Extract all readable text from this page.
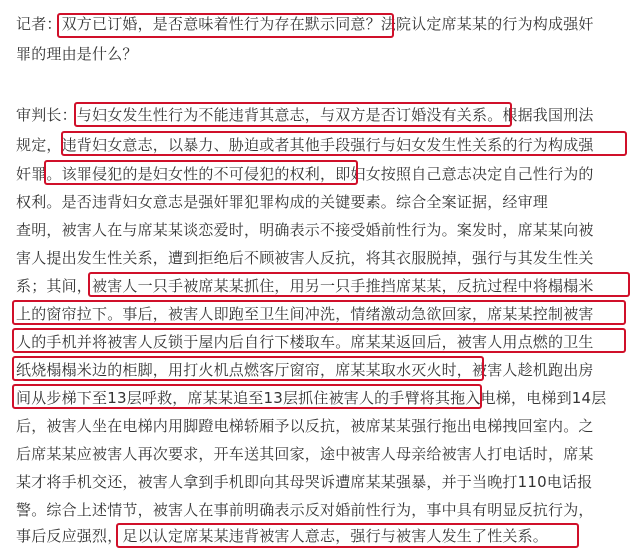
记者：双方已订婚，是否意味着性行为存在默示同意？法院认定席某某的行为构成强奸
罪的理由是什么？
审判长：与妇女发生性行为不能违背其意志，与双方是否订婚没有关系。根据我国刑法
规定，违背妇女意志，以暴力、胁迫或者其他手段强行与妇女发生性关系的行为构成强
奸罪。该罪侵犯的是妇女性的不可侵犯的权利，即妇女按照自己意志决定自己性行为的
权利。是否违背妇女意志是强奸罪犯罪构成的关键要素。综合全案证据，经审理
查明，被害人在与席某某谈恋爱时，明确表示不接受婚前性行为。案发时，席某某向被
害人提出发生性关系，遭到拒绝后不顾被害人反抗，将其衣服脱掉，强行与其发生性关
系；其间，被害人一只手被席某某抓住，用另一只手推挡席某某，反抗过程中将榻榻米
上的窗帘拉下。事后，被害人即跑至卫生间冲洗，情绪激动急欲回家，席某某控制被害
人的手机并将被害人反锁于屋内后自行下楼取车。席某某返回后，被害人用点燃的卫生
纸烧榻榻米边的柜脚，用打火机点燃客厅窗帘，席某某取水灭火时，被害人趁机跑出房
间从步梯下至13层呼救，席某某追至13层抓住被害人的手臂将其拖入电梯，电梯到14层
后，被害人坐在电梯内用脚蹬电梯轿厢予以反抗，被席某某强行拖出电梯拽回室内。之
后席某某应被害人再次要求，开车送其回家，途中被害人母亲给被害人打电话时，席某
某才将手机交还，被害人拿到手机即向其母哭诉遭席某某强暴，并于当晚打110电话报
警。综合上述情节，被害人在事前明确表示反对婚前性行为，事中具有明显反抗行为，
事后反应强烈，足以认定席某某违背被害人意志，强行与被害人发生了性关系。
